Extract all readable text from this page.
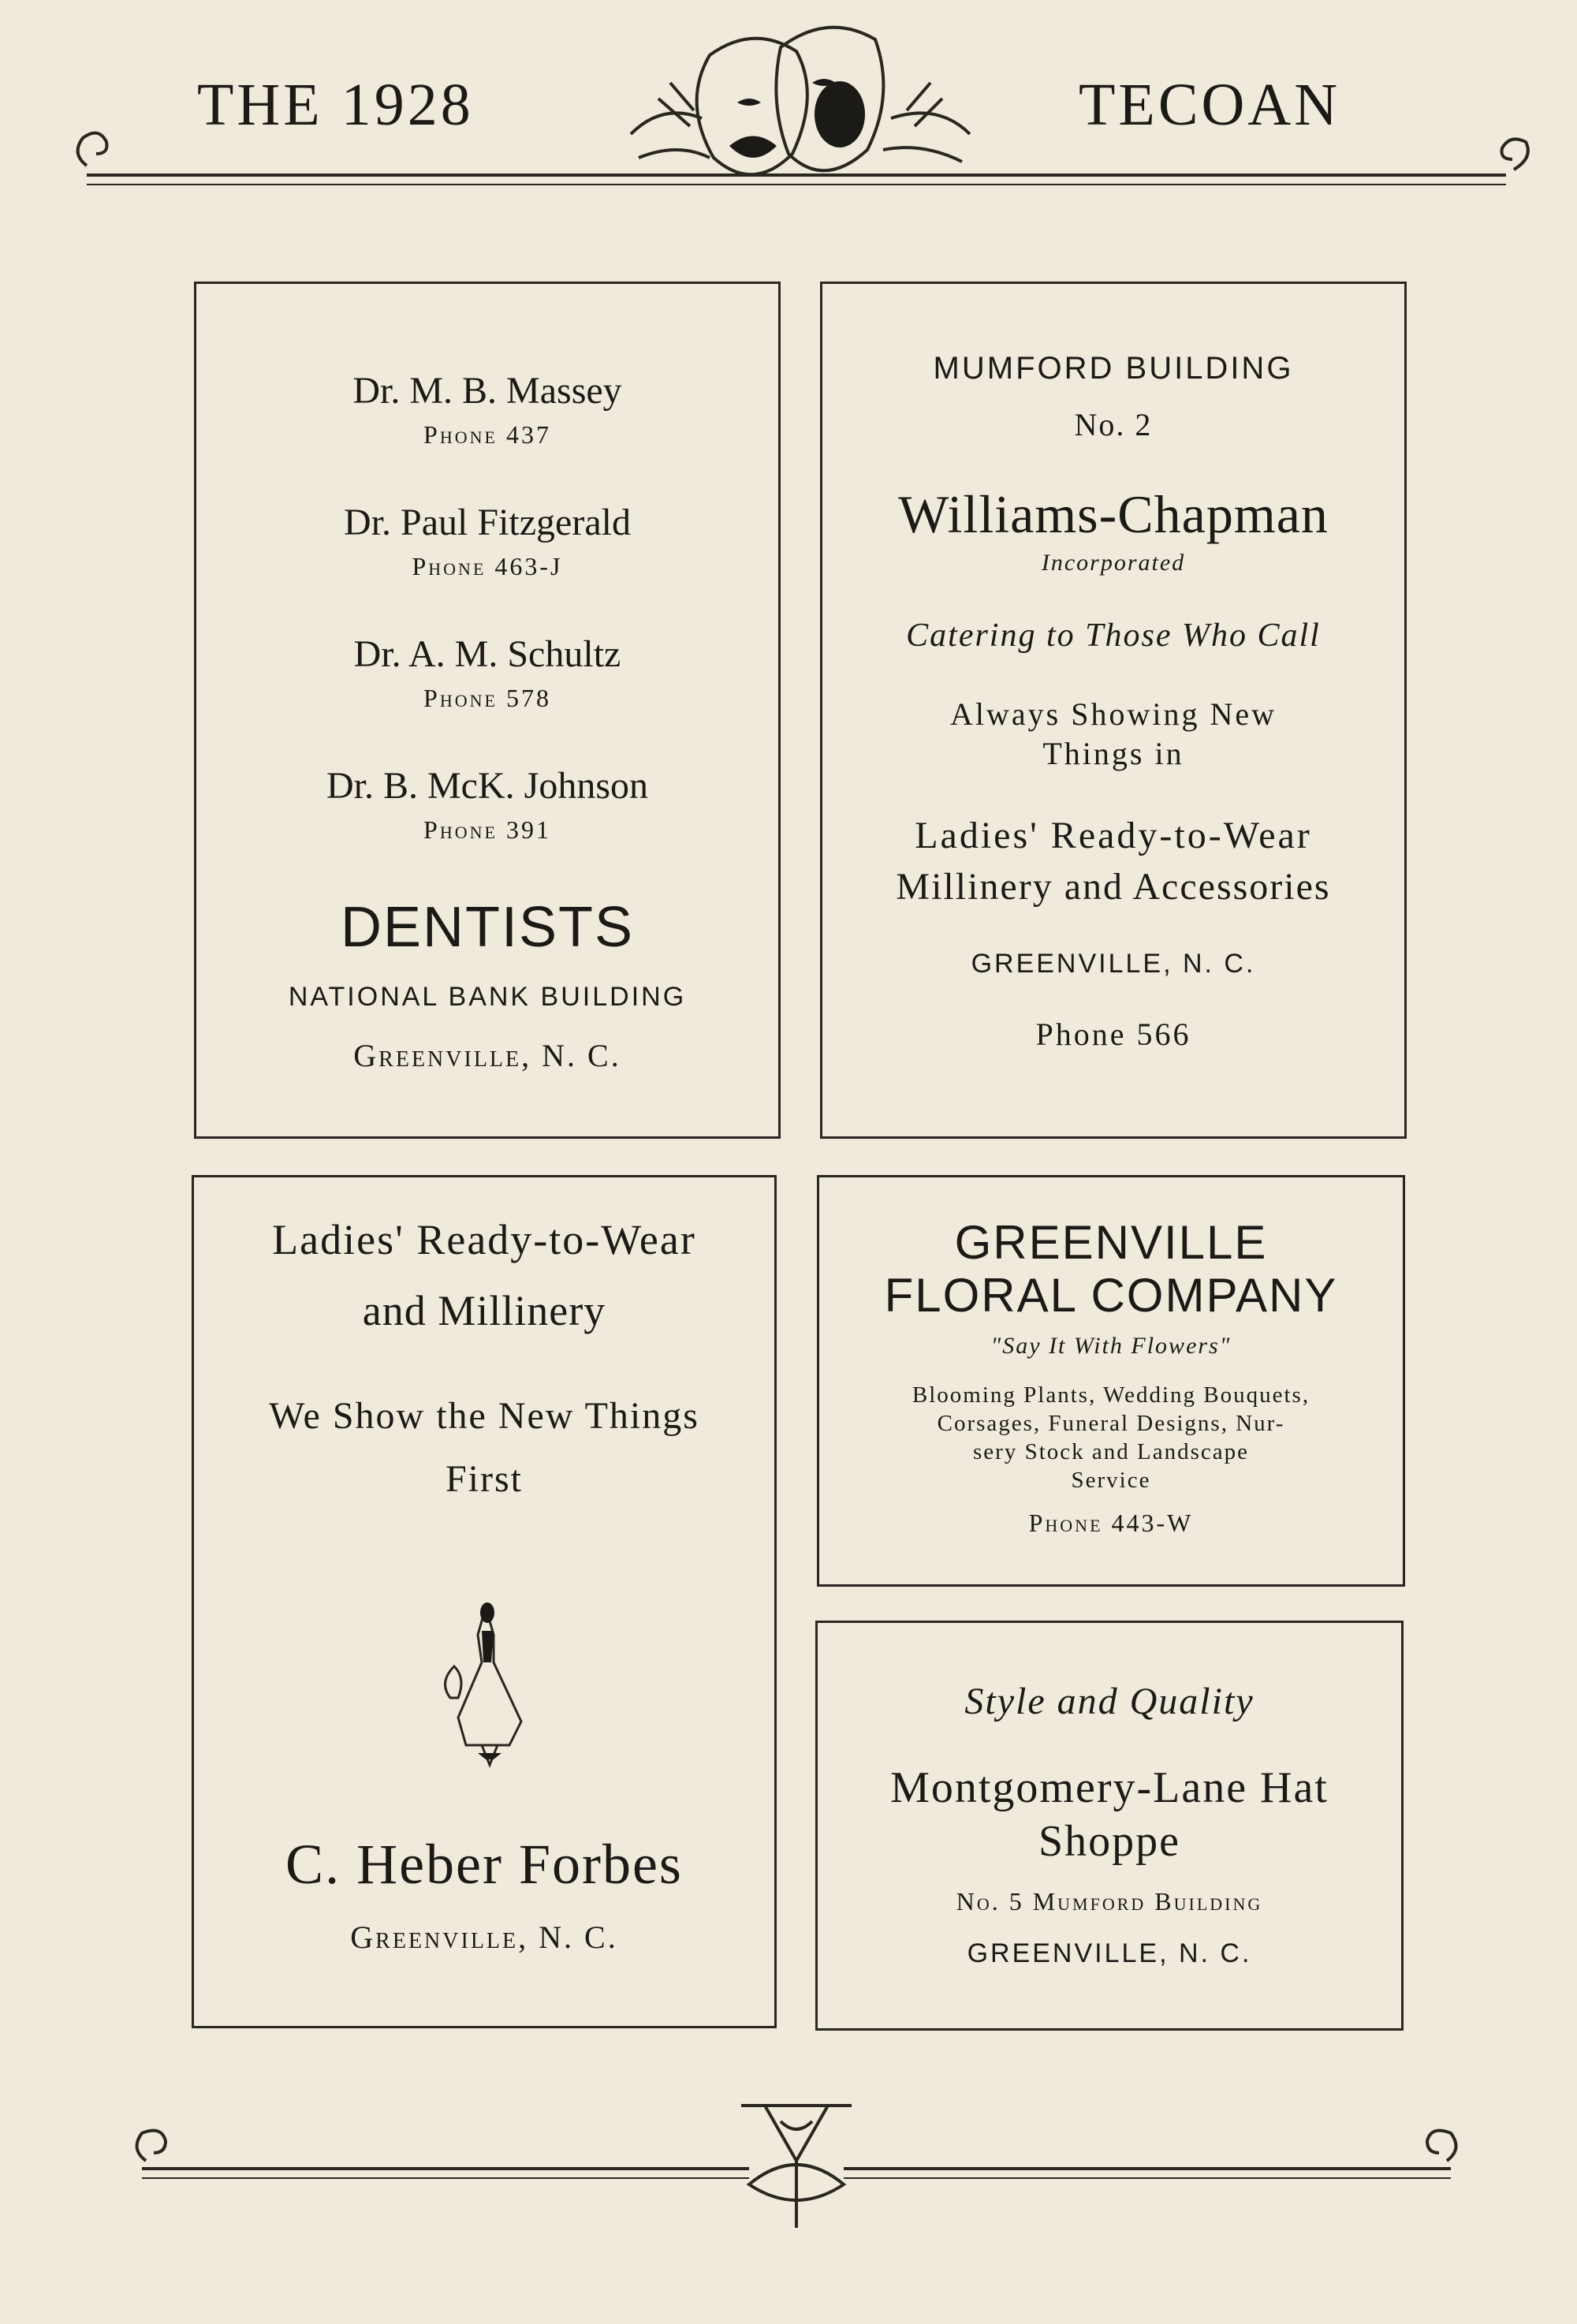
THE 1928	TECOAN
Dr. M. B. Massey
Phone 437
Dr. Paul Fitzgerald
Phone 463-J
Dr. A. M. Schultz
Phone 578
Dr. B. McK. Johnson
Phone 391
DENTISTS
NATIONAL BANK BUILDING
Greenville, N. C.
MUMFORD BUILDING
No. 2
Williams-Chapman
Incorporated
Catering to Those Who Call
Always Showing New
Things in
Ladies' Ready-to-Wear
Millinery and Accessories
GREENVILLE, N. C.
Phone 566
Ladies' Ready-to-Wear
and Millinery
We Show the New Things
First
C. Heber Forbes
Greenville, N. C.
GREENVILLE
FLORAL COMPANY
"Say It With Flowers"
Blooming Plants, Wedding Bouquets,
Corsages, Funeral Designs, Nur-
sery Stock and Landscape
Service
Phone 443-W
Style and Quality
Montgomery-Lane Hat
Shoppe
No. 5 Mumford Building
GREENVILLE, N. C.
